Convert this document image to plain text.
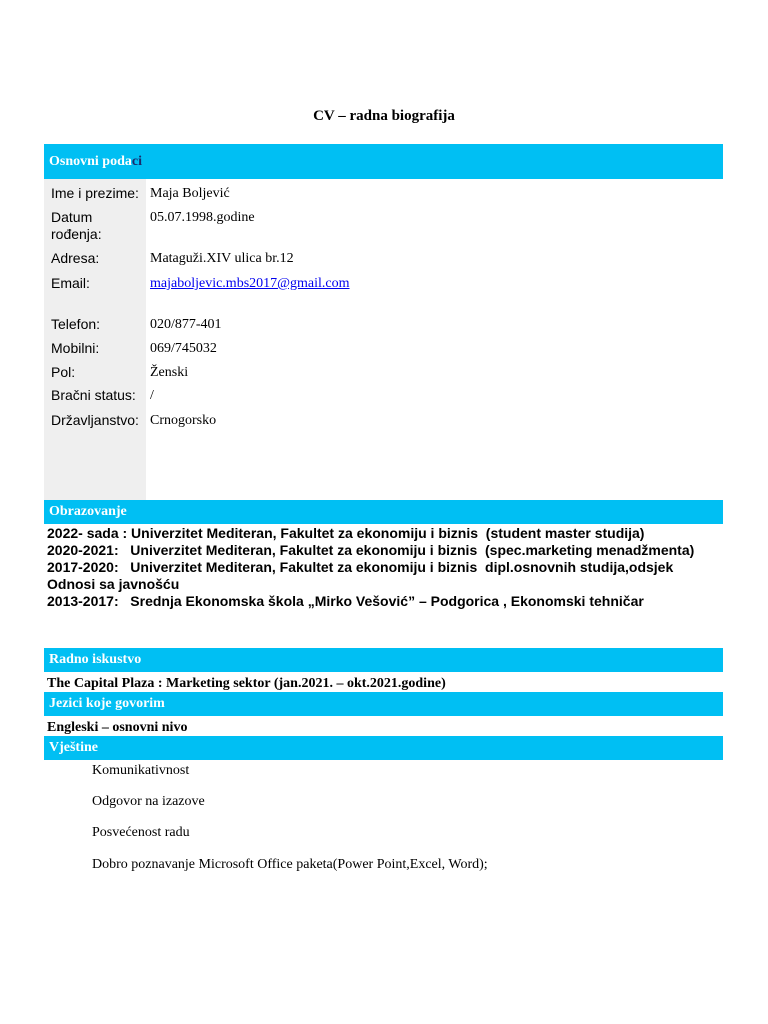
CV – radna biografija
Osnovni podaci
Ime i prezime: Maja Boljević
Datum
rođenja:
05.07.1998.godine
Adresa:	Mataguži.XIV ulica br.12
Email:	majaboljevic.mbs2017@gmail.com
Telefon:	020/877-401
Mobilni:	069/745032
Pol:	Ženski
Bračni status: /
Državljanstvo: Crnogorsko
Obrazovanje
2022- sada : Univerzitet Mediteran, Fakultet za ekonomiju i biznis  (student master studija)
2020-2021:   Univerzitet Mediteran, Fakultet za ekonomiju i biznis  (spec.marketing menadžmenta)
2017-2020:   Univerzitet Mediteran, Fakultet za ekonomiju i biznis  dipl.osnovnih studija,odsjek
Odnosi sa javnošću
2013-2017:   Srednja Ekonomska škola „Mirko Vešović” – Podgorica , Ekonomski tehničar
Radno iskustvo
The Capital Plaza : Marketing sektor (jan.2021. – okt.2021.godine)
Jezici koje govorim
Engleski – osnovni nivo
Vještine
Komunikativnost
Odgovor na izazove
Posvećenost radu
Dobro poznavanje Microsoft Office paketa(Power Point,Excel, Word);
